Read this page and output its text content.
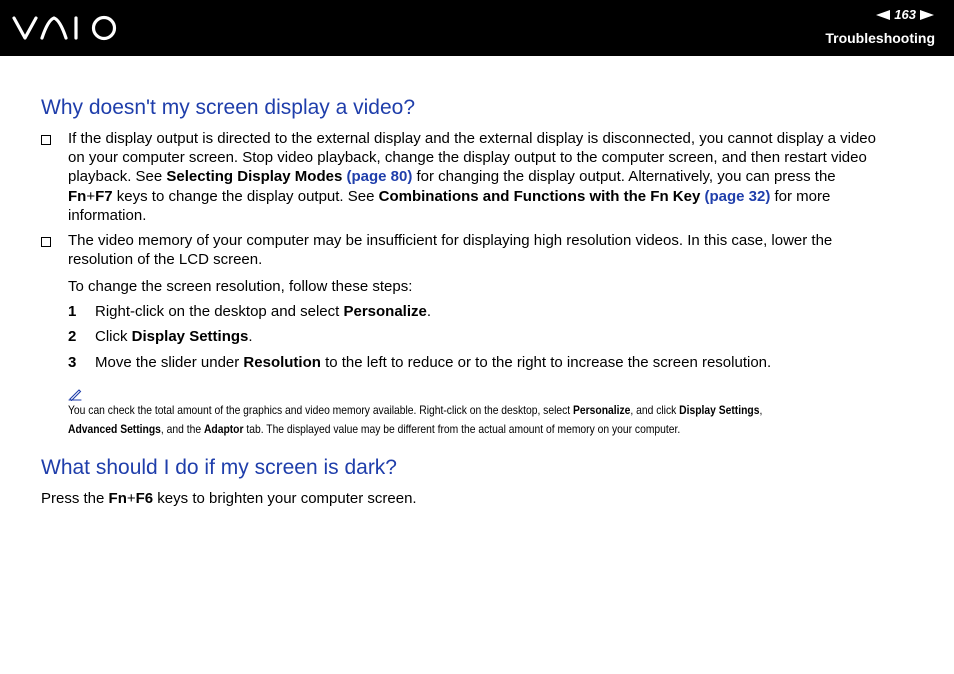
163
Troubleshooting
Why doesn't my screen display a video?
If the display output is directed to the external display and the external display is disconnected, you cannot display a video
on your computer screen. Stop video playback, change the display output to the computer screen, and then restart video
playback. See Selecting Display Modes (page 80) for changing the display output. Alternatively, you can press the
Fn+F7 keys to change the display output. See Combinations and Functions with the Fn Key (page 32) for more
information.
The video memory of your computer may be insufficient for displaying high resolution videos. In this case, lower the
resolution of the LCD screen.
To change the screen resolution, follow these steps:
1 Right-click on the desktop and select Personalize.
2 Click Display Settings.
3 Move the slider under Resolution to the left to reduce or to the right to increase the screen resolution.
You can check the total amount of the graphics and video memory available. Right-click on the desktop, select Personalize, and click Display Settings,
Advanced Settings, and the Adaptor tab. The displayed value may be different from the actual amount of memory on your computer.
What should I do if my screen is dark?
Press the Fn+F6 keys to brighten your computer screen.
